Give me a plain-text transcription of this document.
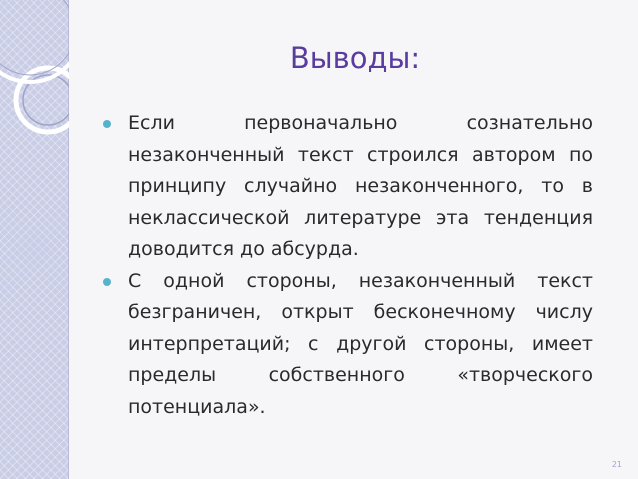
Выводы:
Если первоначально сознательно незаконченный текст строился автором по принципу случайно незаконченного, то в неклассической литературе эта тенденция доводится до абсурда.
С одной стороны, незаконченный текст безграничен, открыт бесконечному числу интерпретаций; с другой стороны, имеет пределы собственного «творческого потенциала».
21
